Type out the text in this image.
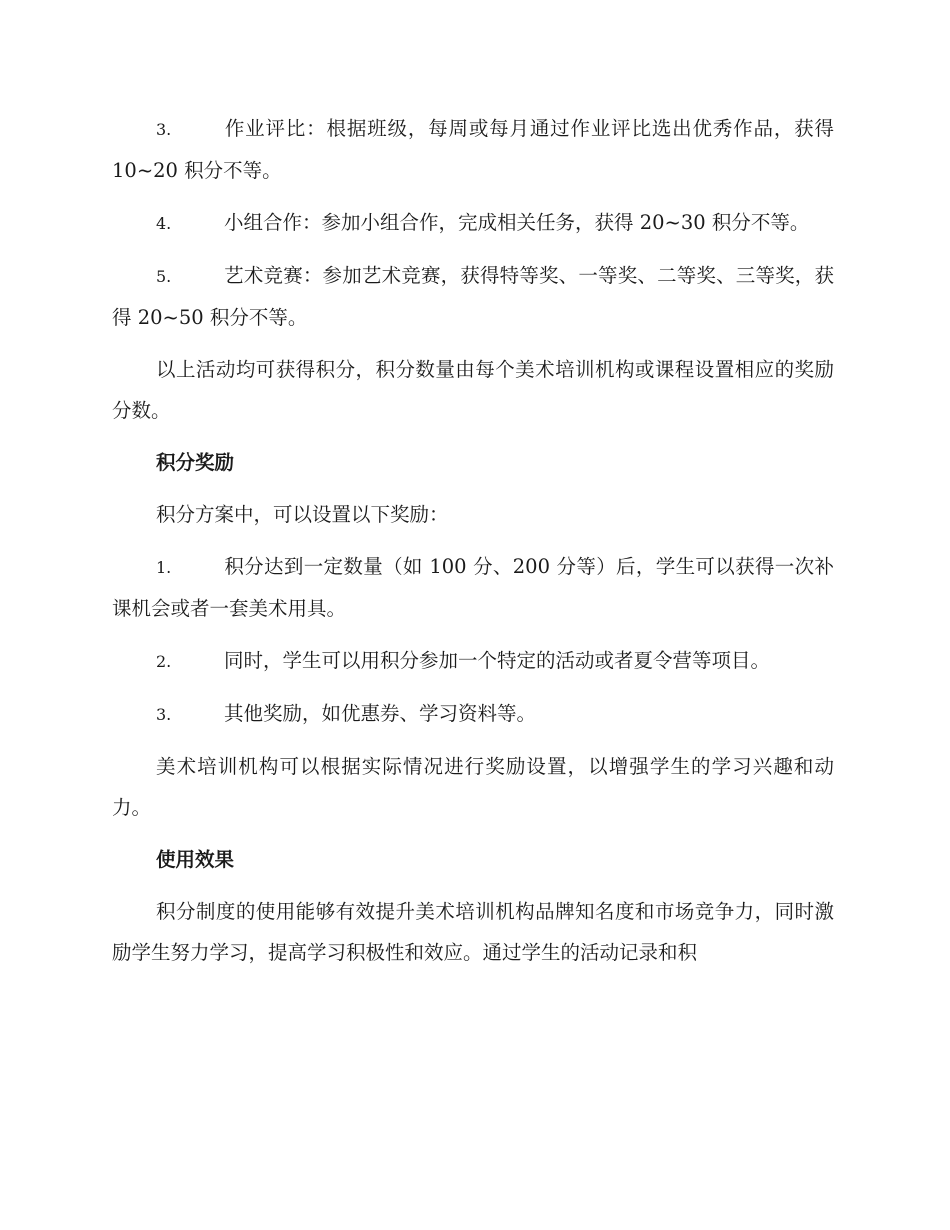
3.	作业评比：根据班级，每周或每月通过作业评比选出优秀作品，获得 10~20 积分不等。

4.	小组合作：参加小组合作，完成相关任务，获得 20~30 积分不等。

5.	艺术竞赛：参加艺术竞赛，获得特等奖、一等奖、二等奖、三等奖，获得 20~50 积分不等。

以上活动均可获得积分，积分数量由每个美术培训机构或课程设置相应的奖励分数。

积分奖励

积分方案中，可以设置以下奖励：

1.	积分达到一定数量（如 100 分、200 分等）后，学生可以获得一次补课机会或者一套美术用具。

2.	同时，学生可以用积分参加一个特定的活动或者夏令营等项目。

3.	其他奖励，如优惠券、学习资料等。

美术培训机构可以根据实际情况进行奖励设置，以增强学生的学习兴趣和动力。

使用效果

积分制度的使用能够有效提升美术培训机构品牌知名度和市场竞争力，同时激励学生努力学习，提高学习积极性和效应。通过学生的活动记录和积
